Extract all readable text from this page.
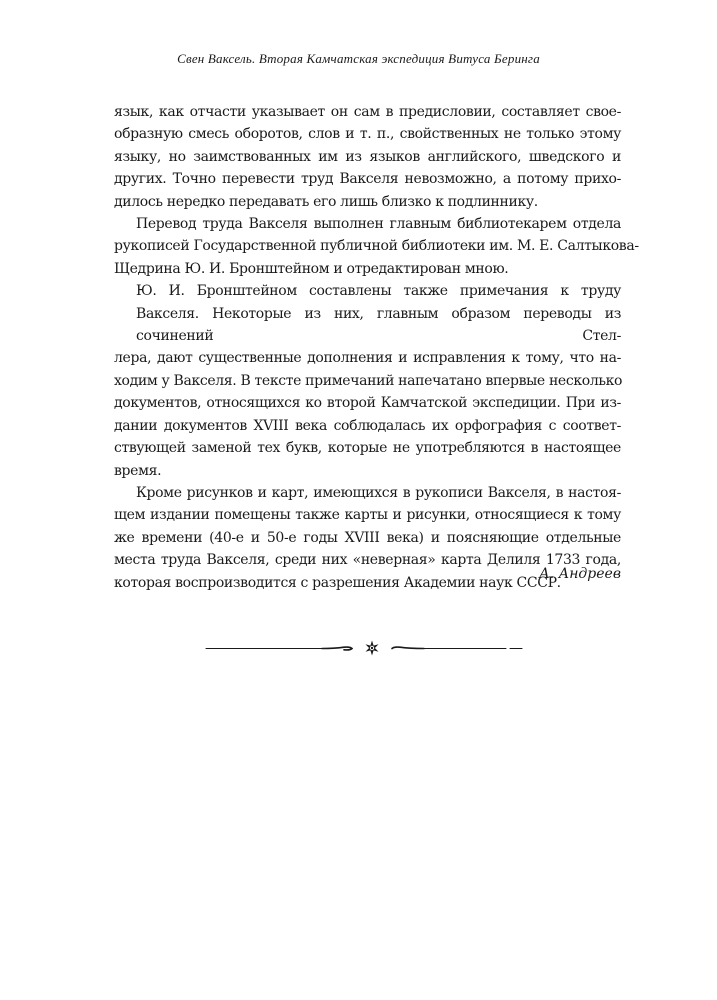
Свен Ваксель. Вторая Камчатская экспедиция Витуса Беринга

язык, как отчасти указывает он сам в предисловии, составляет свое-
образную смесь оборотов, слов и т. п., свойственных не только этому
языку, но заимствованных им из языков английского, шведского и
других. Точно перевести труд Вакселя невозможно, а потому прихо-
дилось нередко передавать его лишь близко к подлиннику.

Перевод труда Вакселя выполнен главным библиотекарем отдела
рукописей Государственной публичной библиотеки им. М. Е. Салтыкова-
Щедрина Ю. И. Бронштейном и отредактирован мною.

Ю. И. Бронштейном составлены также примечания к труду Вакселя. Некоторые из них, главным образом переводы из сочинений Стел-
лера, дают существенные дополнения и исправления к тому, что на-
ходим у Вакселя. В тексте примечаний напечатано впервые несколько
документов, относящихся ко второй Камчатской экспедиции. При из-
дании документов XVIII века соблюдалась их орфография с соответ-
ствующей заменой тех букв, которые не употребляются в настоящее
время.

Кроме рисунков и карт, имеющихся в рукописи Вакселя, в настоя-
щем издании помещены также карты и рисунки, относящиеся к тому
же времени (40-е и 50-е годы XVIII века) и поясняющие отдельные
места труда Вакселя, среди них «неверная» карта Делиля 1733 года,
которая воспроизводится с разрешения Академии наук СССР.

А. Андреев
